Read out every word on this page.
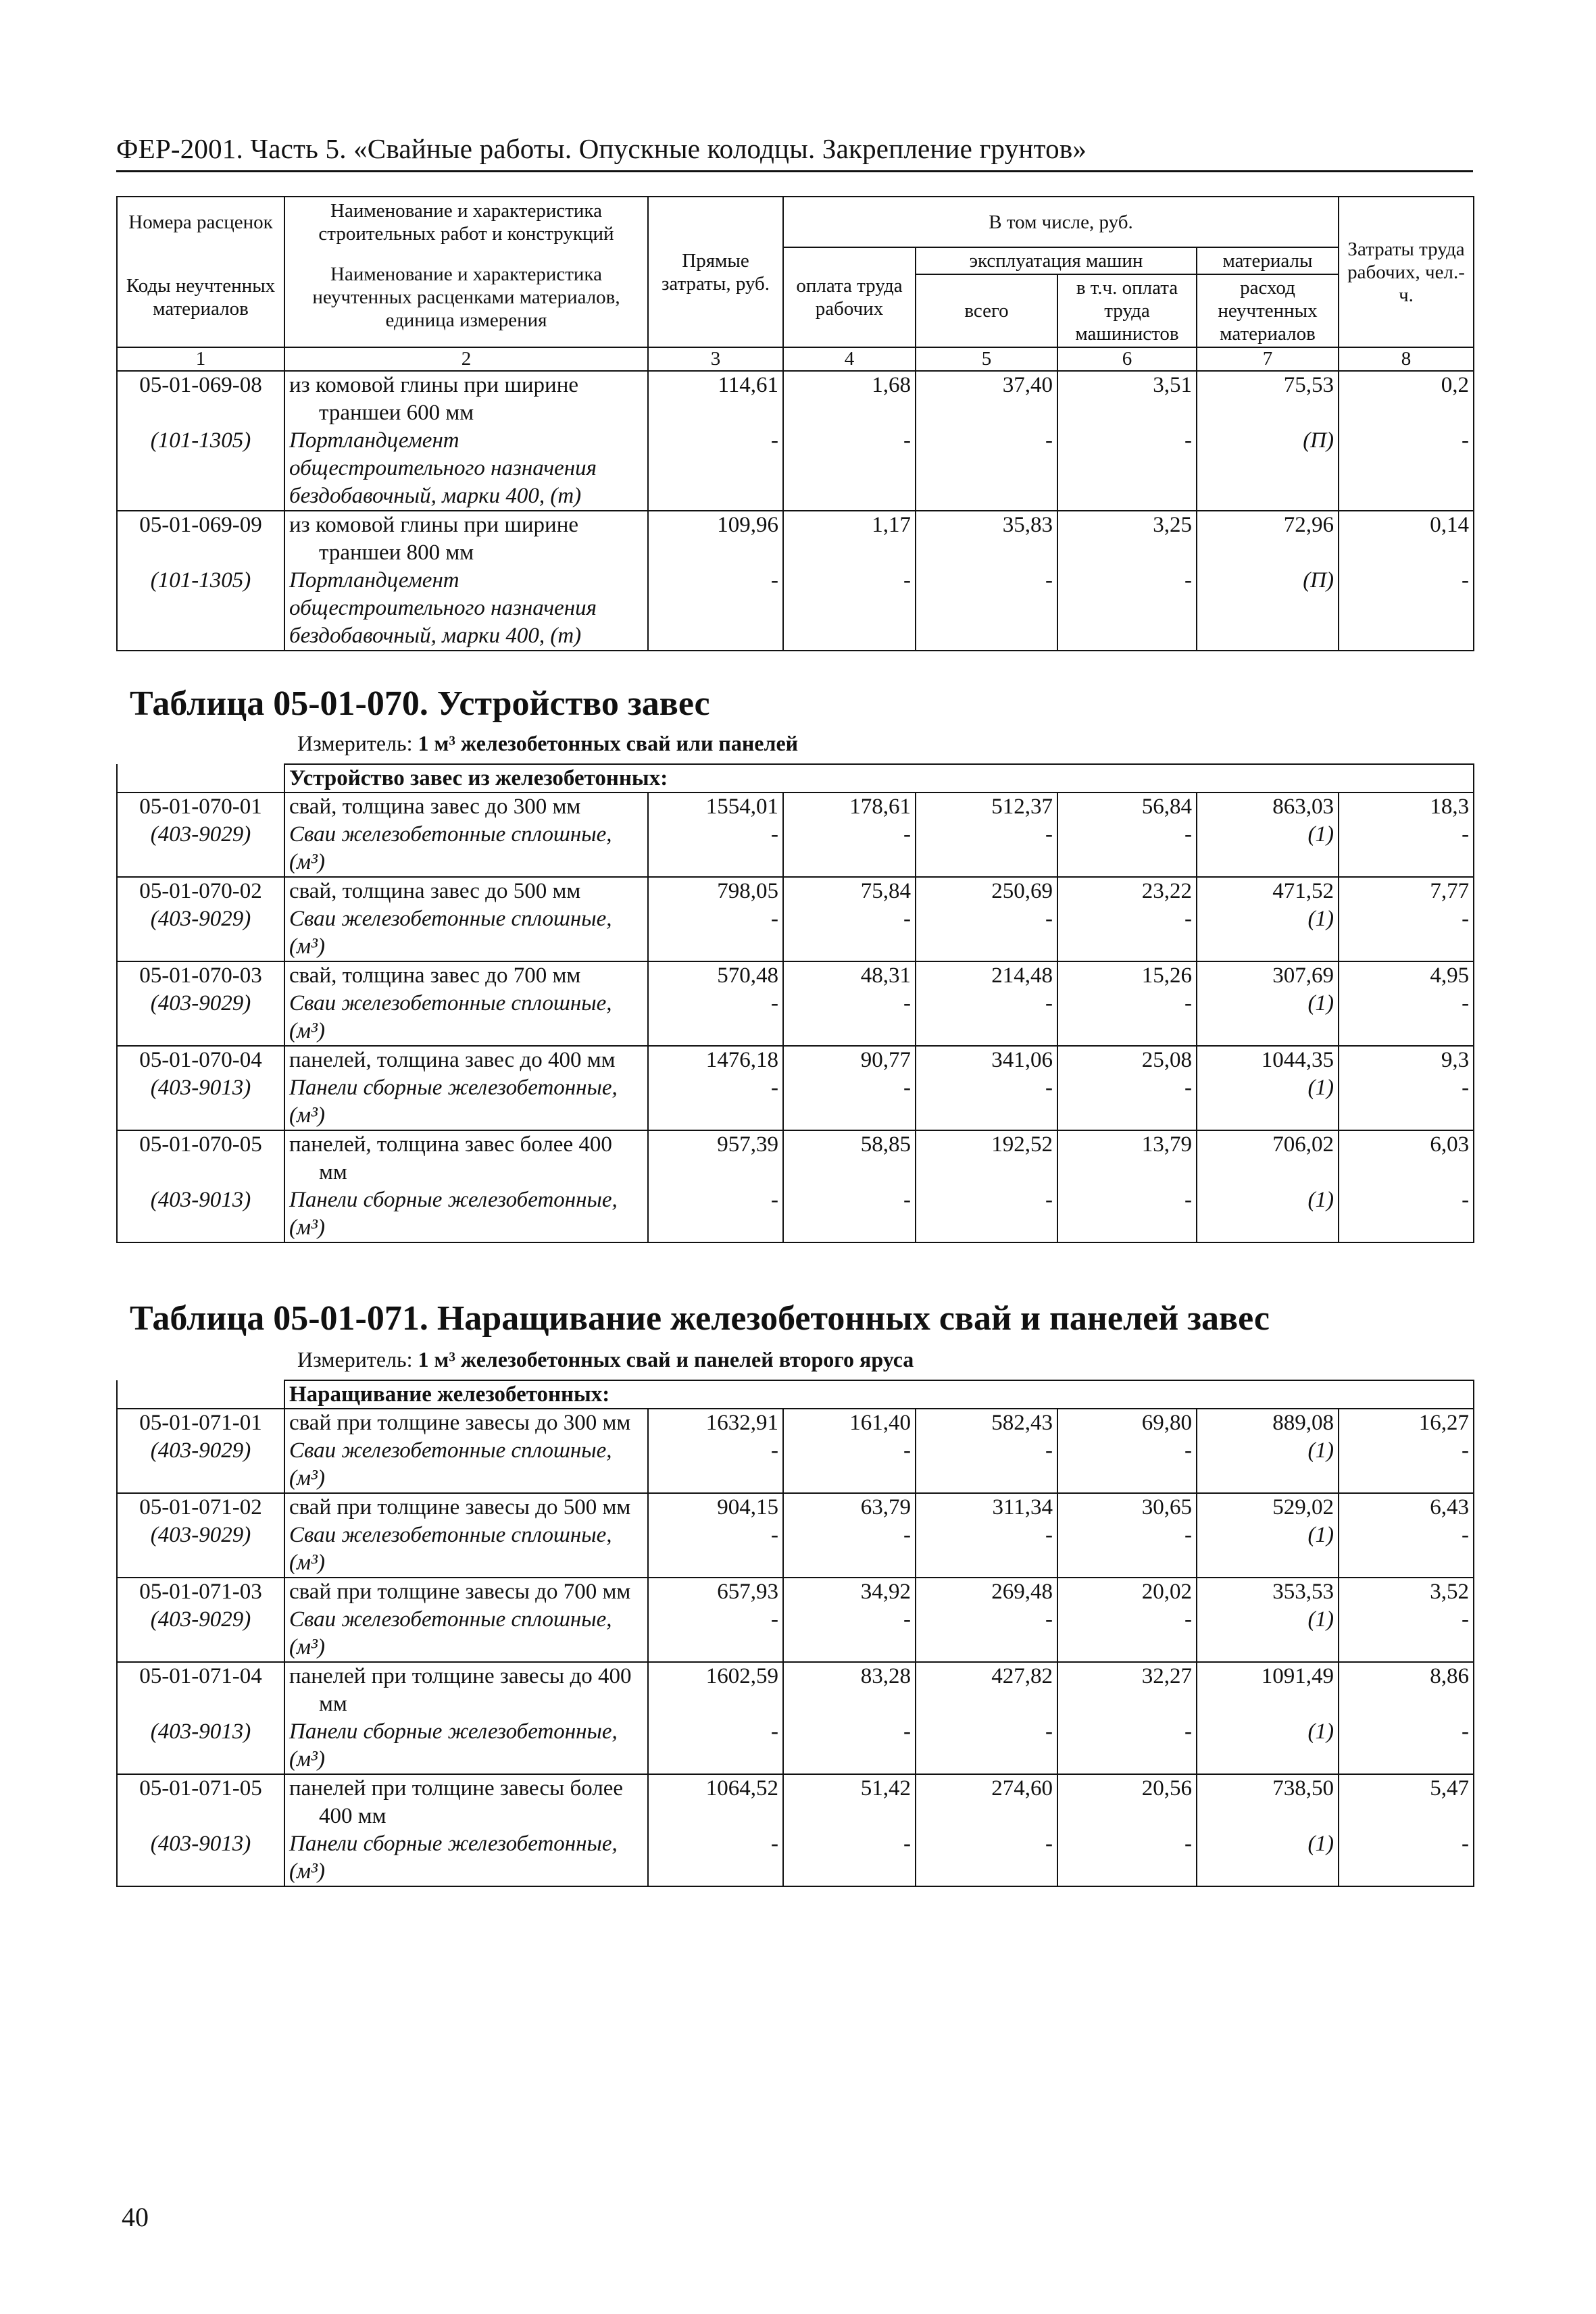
ФЕР-2001. Часть 5. «Свайные работы. Опускные колодцы. Закрепление грунтов»
Номера расценок	Наименование и характеристика строительных работ и конструкций	Прямые затраты, руб.	В том числе, руб.				Затраты труда рабочих, чел.-ч.
Коды неучтенных материалов	Наименование и характеристика неучтенных расценками материалов, единица измерения		оплата труда рабочих	эксплуатация машин		материалы	
				всего	в т.ч. оплата труда машинистов	расход неучтенных материалов	
1	2	3	4	5	6	7	8
05-01-069-08	из комовой глины при ширине траншеи 600 мм	114,61	1,68	37,40	3,51	75,53	0,2
(101-1305)	Портландцемент общестроительного назначения бездобавочный, марки 400, (т)	-	-	-	-	(П)	-
05-01-069-09	из комовой глины при ширине траншеи 800 мм	109,96	1,17	35,83	3,25	72,96	0,14
(101-1305)	Портландцемент общестроительного назначения бездобавочный, марки 400, (т)	-	-	-	-	(П)	-
Таблица 05-01-070. Устройство завес
Измеритель: 1 м³ железобетонных свай или панелей
	Устройство завес из железобетонных:						
05-01-070-01	свай, толщина завес до 300 мм	1554,01	178,61	512,37	56,84	863,03	18,3
(403-9029)	Сваи железобетонные сплошные, (м³)	-	-	-	-	(1)	-
05-01-070-02	свай, толщина завес до 500 мм	798,05	75,84	250,69	23,22	471,52	7,77
(403-9029)	Сваи железобетонные сплошные, (м³)	-	-	-	-	(1)	-
05-01-070-03	свай, толщина завес до 700 мм	570,48	48,31	214,48	15,26	307,69	4,95
(403-9029)	Сваи железобетонные сплошные, (м³)	-	-	-	-	(1)	-
05-01-070-04	панелей, толщина завес до 400 мм	1476,18	90,77	341,06	25,08	1044,35	9,3
(403-9013)	Панели сборные железобетонные, (м³)	-	-	-	-	(1)	-
05-01-070-05	панелей, толщина завес более 400 мм	957,39	58,85	192,52	13,79	706,02	6,03
(403-9013)	Панели сборные железобетонные, (м³)	-	-	-	-	(1)	-
Таблица 05-01-071. Наращивание железобетонных свай и панелей завес
Измеритель: 1 м³ железобетонных свай и панелей второго яруса
	Наращивание железобетонных:						
05-01-071-01	свай при толщине завесы до 300 мм	1632,91	161,40	582,43	69,80	889,08	16,27
(403-9029)	Сваи железобетонные сплошные, (м³)	-	-	-	-	(1)	-
05-01-071-02	свай при толщине завесы до 500 мм	904,15	63,79	311,34	30,65	529,02	6,43
(403-9029)	Сваи железобетонные сплошные, (м³)	-	-	-	-	(1)	-
05-01-071-03	свай при толщине завесы до 700 мм	657,93	34,92	269,48	20,02	353,53	3,52
(403-9029)	Сваи железобетонные сплошные, (м³)	-	-	-	-	(1)	-
05-01-071-04	панелей при толщине завесы до 400 мм	1602,59	83,28	427,82	32,27	1091,49	8,86
(403-9013)	Панели сборные железобетонные, (м³)	-	-	-	-	(1)	-
05-01-071-05	панелей при толщине завесы более 400 мм	1064,52	51,42	274,60	20,56	738,50	5,47
(403-9013)	Панели сборные железобетонные, (м³)	-	-	-	-	(1)	-
40
